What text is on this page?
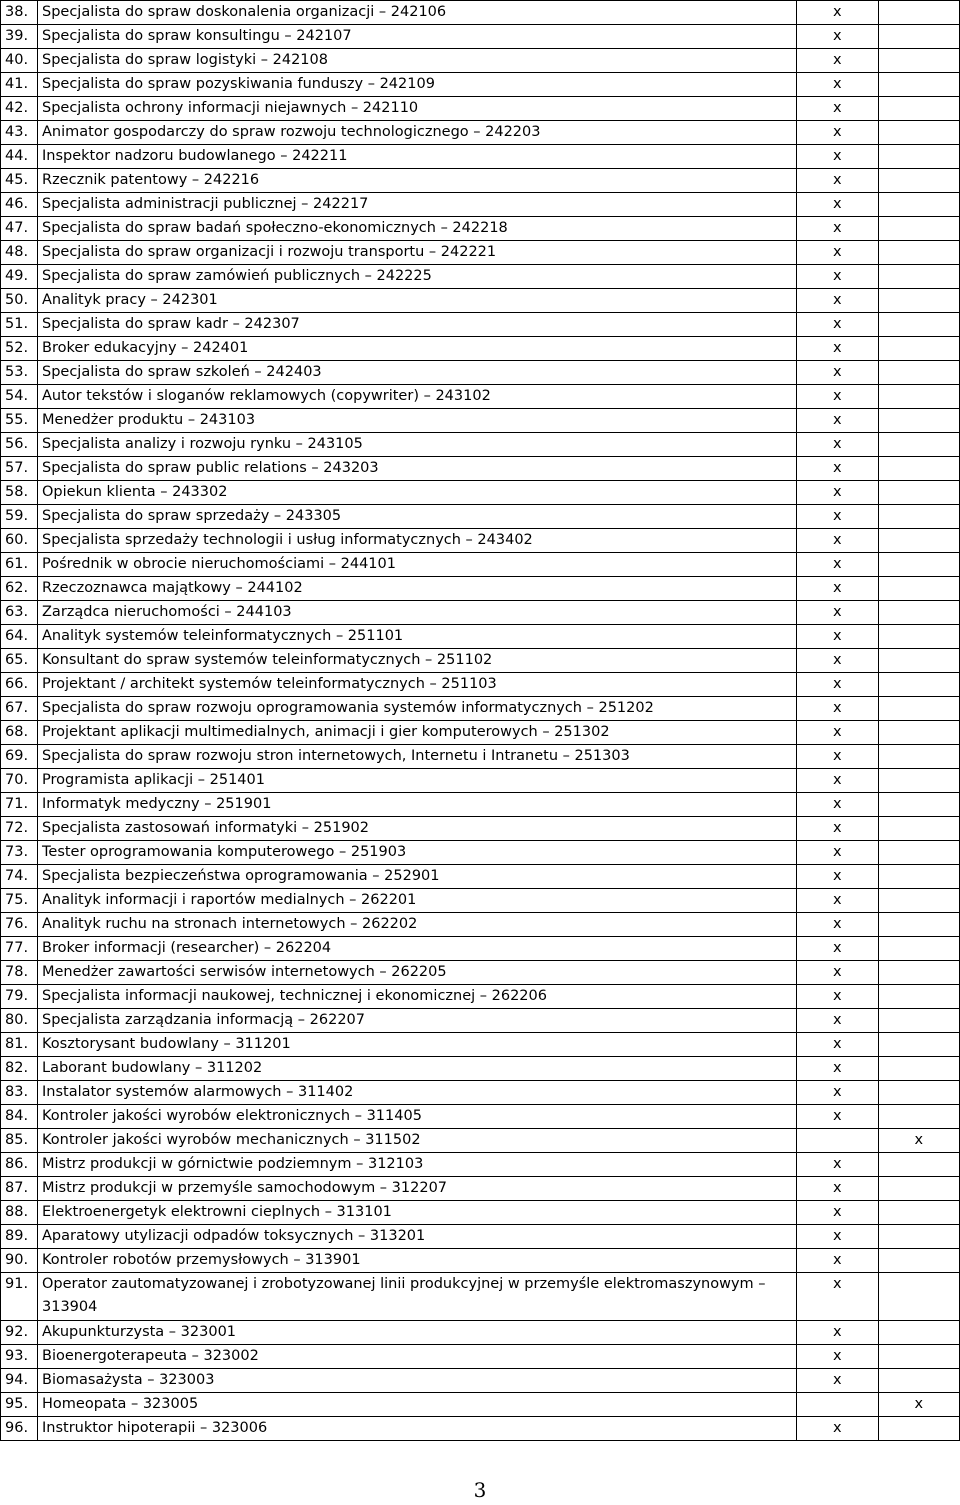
38.	Specjalista do spraw doskonalenia organizacji – 242106	x	
39.	Specjalista do spraw konsultingu – 242107	x	
40.	Specjalista do spraw logistyki – 242108	x	
41.	Specjalista do spraw pozyskiwania funduszy – 242109	x	
42.	Specjalista ochrony informacji niejawnych – 242110	x	
43.	Animator gospodarczy do spraw rozwoju technologicznego – 242203	x	
44.	Inspektor nadzoru budowlanego – 242211	x	
45.	Rzecznik patentowy – 242216	x	
46.	Specjalista administracji publicznej – 242217	x	
47.	Specjalista do spraw badań społeczno-ekonomicznych – 242218	x	
48.	Specjalista do spraw organizacji i rozwoju transportu – 242221	x	
49.	Specjalista do spraw zamówień publicznych – 242225	x	
50.	Analityk pracy – 242301	x	
51.	Specjalista do spraw kadr – 242307	x	
52.	Broker edukacyjny – 242401	x	
53.	Specjalista do spraw szkoleń – 242403	x	
54.	Autor tekstów i sloganów reklamowych (copywriter) – 243102	x	
55.	Menedżer produktu – 243103	x	
56.	Specjalista analizy i rozwoju rynku – 243105	x	
57.	Specjalista do spraw public relations – 243203	x	
58.	Opiekun klienta – 243302	x	
59.	Specjalista do spraw sprzedaży – 243305	x	
60.	Specjalista sprzedaży technologii i usług informatycznych – 243402	x	
61.	Pośrednik w obrocie nieruchomościami – 244101	x	
62.	Rzeczoznawca majątkowy – 244102	x	
63.	Zarządca nieruchomości – 244103	x	
64.	Analityk systemów teleinformatycznych – 251101	x	
65.	Konsultant do spraw systemów teleinformatycznych – 251102	x	
66.	Projektant / architekt systemów teleinformatycznych – 251103	x	
67.	Specjalista do spraw rozwoju oprogramowania systemów informatycznych – 251202	x	
68.	Projektant aplikacji multimedialnych, animacji i gier komputerowych – 251302	x	
69.	Specjalista do spraw rozwoju stron internetowych, Internetu i Intranetu – 251303	x	
70.	Programista aplikacji – 251401	x	
71.	Informatyk medyczny – 251901	x	
72.	Specjalista zastosowań informatyki – 251902	x	
73.	Tester oprogramowania komputerowego – 251903	x	
74.	Specjalista bezpieczeństwa oprogramowania – 252901	x	
75.	Analityk informacji i raportów medialnych – 262201	x	
76.	Analityk ruchu na stronach internetowych – 262202	x	
77.	Broker informacji (researcher) – 262204	x	
78.	Menedżer zawartości serwisów internetowych – 262205	x	
79.	Specjalista informacji naukowej, technicznej i ekonomicznej – 262206	x	
80.	Specjalista zarządzania informacją – 262207	x	
81.	Kosztorysant budowlany – 311201	x	
82.	Laborant budowlany – 311202	x	
83.	Instalator systemów alarmowych – 311402	x	
84.	Kontroler jakości wyrobów elektronicznych – 311405	x	
85.	Kontroler jakości wyrobów mechanicznych – 311502		x
86.	Mistrz produkcji w górnictwie podziemnym – 312103	x	
87.	Mistrz produkcji w przemyśle samochodowym – 312207	x	
88.	Elektroenergetyk elektrowni cieplnych – 313101	x	
89.	Aparatowy utylizacji odpadów toksycznych – 313201	x	
90.	Kontroler robotów przemysłowych – 313901	x	
91.	Operator zautomatyzowanej i zrobotyzowanej linii produkcyjnej w przemyśle elektromaszynowym – 313904	x	
92.	Akupunkturzysta – 323001	x	
93.	Bioenergoterapeuta – 323002	x	
94.	Biomasażysta – 323003	x	
95.	Homeopata – 323005		x
96.	Instruktor hipoterapii – 323006	x	
3
